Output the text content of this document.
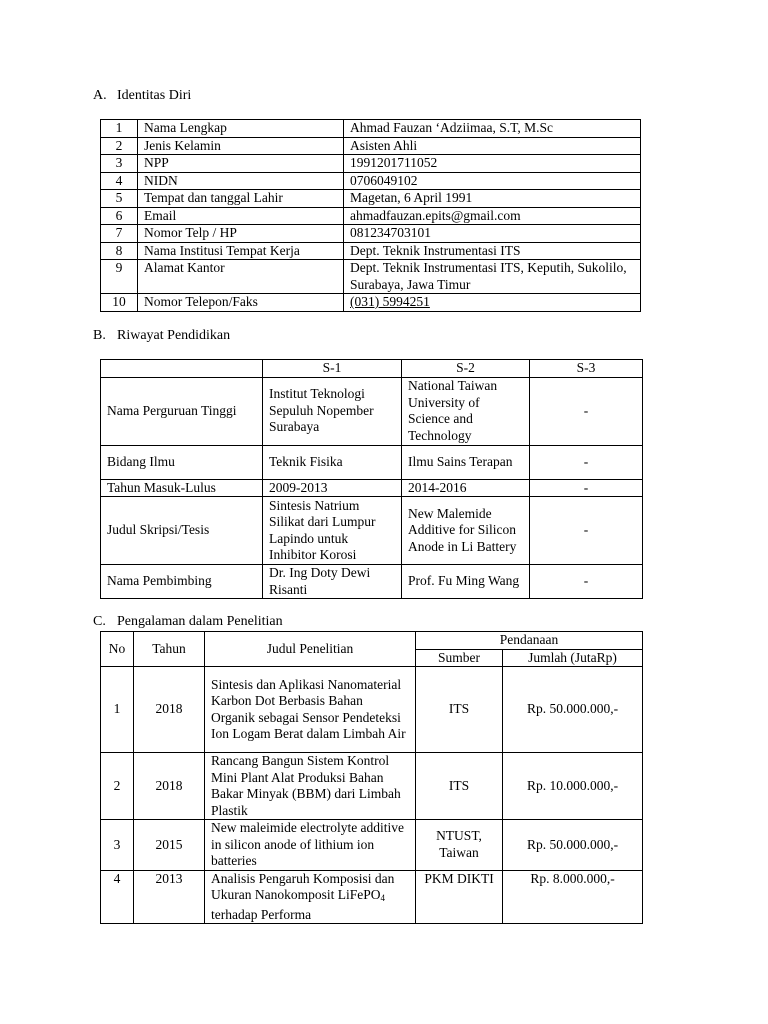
A. Identitas Diri
1	Nama Lengkap	Ahmad Fauzan ‘Adziimaa, S.T, M.Sc
2	Jenis Kelamin	Asisten Ahli
3	NPP	1991201711052
4	NIDN	0706049102
5	Tempat dan tanggal Lahir	Magetan, 6 April 1991
6	Email	ahmadfauzan.epits@gmail.com
7	Nomor Telp / HP	081234703101
8	Nama Institusi Tempat Kerja	Dept. Teknik Instrumentasi ITS
9	Alamat Kantor	Dept. Teknik Instrumentasi ITS, Keputih, Sukolilo, Surabaya, Jawa Timur
10	Nomor Telepon/Faks	(031) 5994251
B. Riwayat Pendidikan
	S-1	S-2	S-3
Nama Perguruan Tinggi	Institut Teknologi Sepuluh Nopember Surabaya	National Taiwan University of Science and Technology	-
Bidang Ilmu	Teknik Fisika	Ilmu Sains Terapan	-
Tahun Masuk-Lulus	2009-2013	2014-2016	-
Judul Skripsi/Tesis	Sintesis Natrium Silikat dari Lumpur Lapindo untuk Inhibitor Korosi	New Malemide Additive for Silicon Anode in Li Battery	-
Nama Pembimbing	Dr. Ing Doty Dewi Risanti	Prof. Fu Ming Wang	-
C. Pengalaman dalam Penelitian
No	Tahun	Judul Penelitian	Pendanaan	
			Sumber	Jumlah (JutaRp)
1	2018	Sintesis dan Aplikasi Nanomaterial Karbon Dot Berbasis Bahan Organik sebagai Sensor Pendeteksi Ion Logam Berat dalam Limbah Air	ITS	Rp. 50.000.000,-
2	2018	Rancang Bangun Sistem Kontrol Mini Plant Alat Produksi Bahan Bakar Minyak (BBM) dari Limbah Plastik	ITS	Rp. 10.000.000,-
3	2015	New maleimide electrolyte additive in silicon anode of lithium ion batteries	NTUST, Taiwan	Rp. 50.000.000,-
4	2013	Analisis Pengaruh Komposisi dan Ukuran Nanokomposit LiFePO$_4$ terhadap Performa	PKM DIKTI	Rp. 8.000.000,-
